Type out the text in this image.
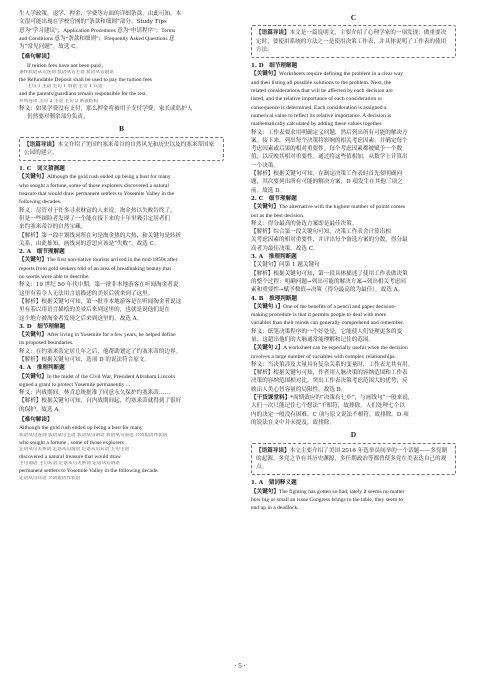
生人学政策，退学、押金、学费等方面的详细条款。由此可知，本
文很可能出现在学校官网的“条款和细则”部分。Study Tips
意为“学习建议”；Application Procedures 意为“申请程序”；Terms
and Conditions 意为“条款和细则”；Frequently Asked Questions 意
为“常见问题”。故选 C。
【难句解读】
If tuition fees have not been paid ,
条件状语从句连词 状语从句主语 状语从句谓语
the Refundable Deposit shall be used to pay the tuition fees
主句 1 主语 主句 1 谓语 主句 1 宾语
and the parents/guardians remain responsible for the rest.
并列连词 主句 2 主语 主句 2 系表结构
释义：如果学费没有支付，那么押金将被用于支付学费，家长或监护人
仍然要对剩余部分负责。
B
【语篇导读】本文介绍了美国约塞米蒂谷的自然风光和历史以及约塞米蒂国家公园的建立。
1. C　词义猜测题
【关键句】Although the gold rush ended up being a bust for many
who sought a fortune, some of those explorers discovered a natural
treasure that would draw permanent settlers to Yosemite Valley in the
following decades.
释义：尽管对于许多寻求财富的人来说，淘金热以失败告终了，
但是一些探险者发现了一个能在接下来的十年里吸引定居者们
来约塞米蒂谷的自然宝藏。
【解析】第一段中划线词所在句是淘金热的大热，和关键句是转折
关系，由此推知，画线词的意思应该是“失败”。故选 C。
2. A　细节理解题
【关键句】The first non-native tourists arrived in the mid-1850s after
reports from gold seekers told of an area of breathtaking beauty that
no words were able to describe.
释义：19 世纪 50 年代中期，第一批非本地游客在听闻淘金者说
这里有着令人无法用言语描述的美景后就来到了这里。
【解析】根据关键句可知，第一批非本地游客是在听闻淘金者说这
里有着以用语言描绘的美景后来到这里的，也就是说他们是在
这个地方被淘金者发现之后来到这里的。故选 A。
3. D　细节理解题
【关键句】After living in Yosemite for a few years, he helped define
its proposed boundaries.
释义：在约塞米蒂定居几年之后，他帮助划定了约塞米蒂的边界。
【解析】根据关键句可知，选项 D 的说法符合原文。
4. A　推理判断题
【关键句】In the midst of the Civil War, President Abraham Lincoln
signed a grant to protect Yosemite permanently ...
释义：内战期间，林肯总统批准了同意永久保护约塞米蒂……
【解析】根据关键句可知，自内战期间起，约塞米蒂就得到了很好
的保护。故选 A。
【难句解读】
Although the gold rush ended up being a bust for many
状语从句连词 状语从句主语 状语从句谓语 状语从句表语 介词短语作状语
who sought a fortune , some of those explorers
定语从句关系词 定语从句谓语 定语从句宾语 主句主语
discovered a natural treasure that would draw
主句谓语 主句宾语 定语从句关系词 定语从句谓语
permanent settlers to Yosemite Valley in the following decade.
定语从句宾语 介词短语作状语
C
【语篇导读】本文是一篇说明文，主要介绍了心理学家的一项发现：做重要决定时，要使用系统的方法之一是使用决策工作表，并具体说明了工作表的使用方法。
1. D　细节理解题
【关键句】Worksheets require defining the problem in a clear way
and then listing all possible solutions to the problem. Next, the
related considerations that will be affected by each decision are
listed, and the relative importance of each consideration or
consequence is determined. Each consideration is assigned a
numerical value to reflect its relative importance. A decision is
mathematically calculated by adding these values together.
释义：工作表要求用明确定义问题，然后列出所有可能的解决方
案。接下来，列出每个决策将影响的相关考虑因素，并确定每个
考虑因素或后果的相对重要性。每个考虑因素都被赋予一个数
值，以反映其相对重要性。通过将这些值相加，从数学上计算出
一个决策。
【解析】根据关键句可知，在制定决策工作表时首先要明确问
题，其次要列出所有可能的解决方案，D 项发生在其他三项之
前。故选 D。
2. C　细节理解题
【关键句】The alternative with the highest number of points comes
out as the best decision.
释义：得分最高的备选方案即是最佳决策。
【解析】综合第一段关键句可知，决策工作表会计算出相
关考虑因素的相对重要性，并评出每个备选方案的分数，得分最
高者为最佳决策。故选 C。
3. A　推理判断题
【关键句】问第 1 题关键句
【解析】根据关键句可知，第一段具体描述了使用工作表做决策
的整个过程：明确问题→列出可能的解决方案→列出相关考虑因
素和重要性→赋予数值→决策（得分最高的为最佳）。故选 A。
4. B　推理判断题
【关键句 1】One of the benefits of a pencil and paper decision-
making procedure is that it permits people to deal with more
variables than their minds can generally comprehend and remember.
释义：纸笔决策程序的一个好处是，它能使人们处理更多的变
量，这超出他们的大脑通常能理解和记住的范围。
【关键句 2】A worksheet can be especially useful when the decision
involves a large number of variables with complex relationships.
释义：当决策涉及大量具有复杂关系的变量时，工作表尤其有用。
【解析】根据关键句可知，作者用人脑决策的容纳范围和工作表
决策的容纳范围相对比，突出工作表决策考虑范围大的优势，反
映出人类心智容量的局限性。故选 B。
【干货课堂料】*周期效应的“决策有七步”，与画线句“一般来说，
人们一次只能记住七个想法”不相符，故排除。人们处理七个以
内的决定一般没有困难，C 项与原文说法不相符，故排除。D 项
的说法在文中并未提及，故排除。
D
【语篇导读】本文主要介绍了美国 2016 年选举员间举的一个话题——多党制的起源。多党之争有其历史渊源，多任期政治等都曾使多党在美表达自己的观点。
1. A　猜词释义题
【关键句】The fighting has gotten so bad, lately it seems no matter
how big or small an issue Congress brings to the table, they seem to
end up in a deadlock.
· 5 ·
